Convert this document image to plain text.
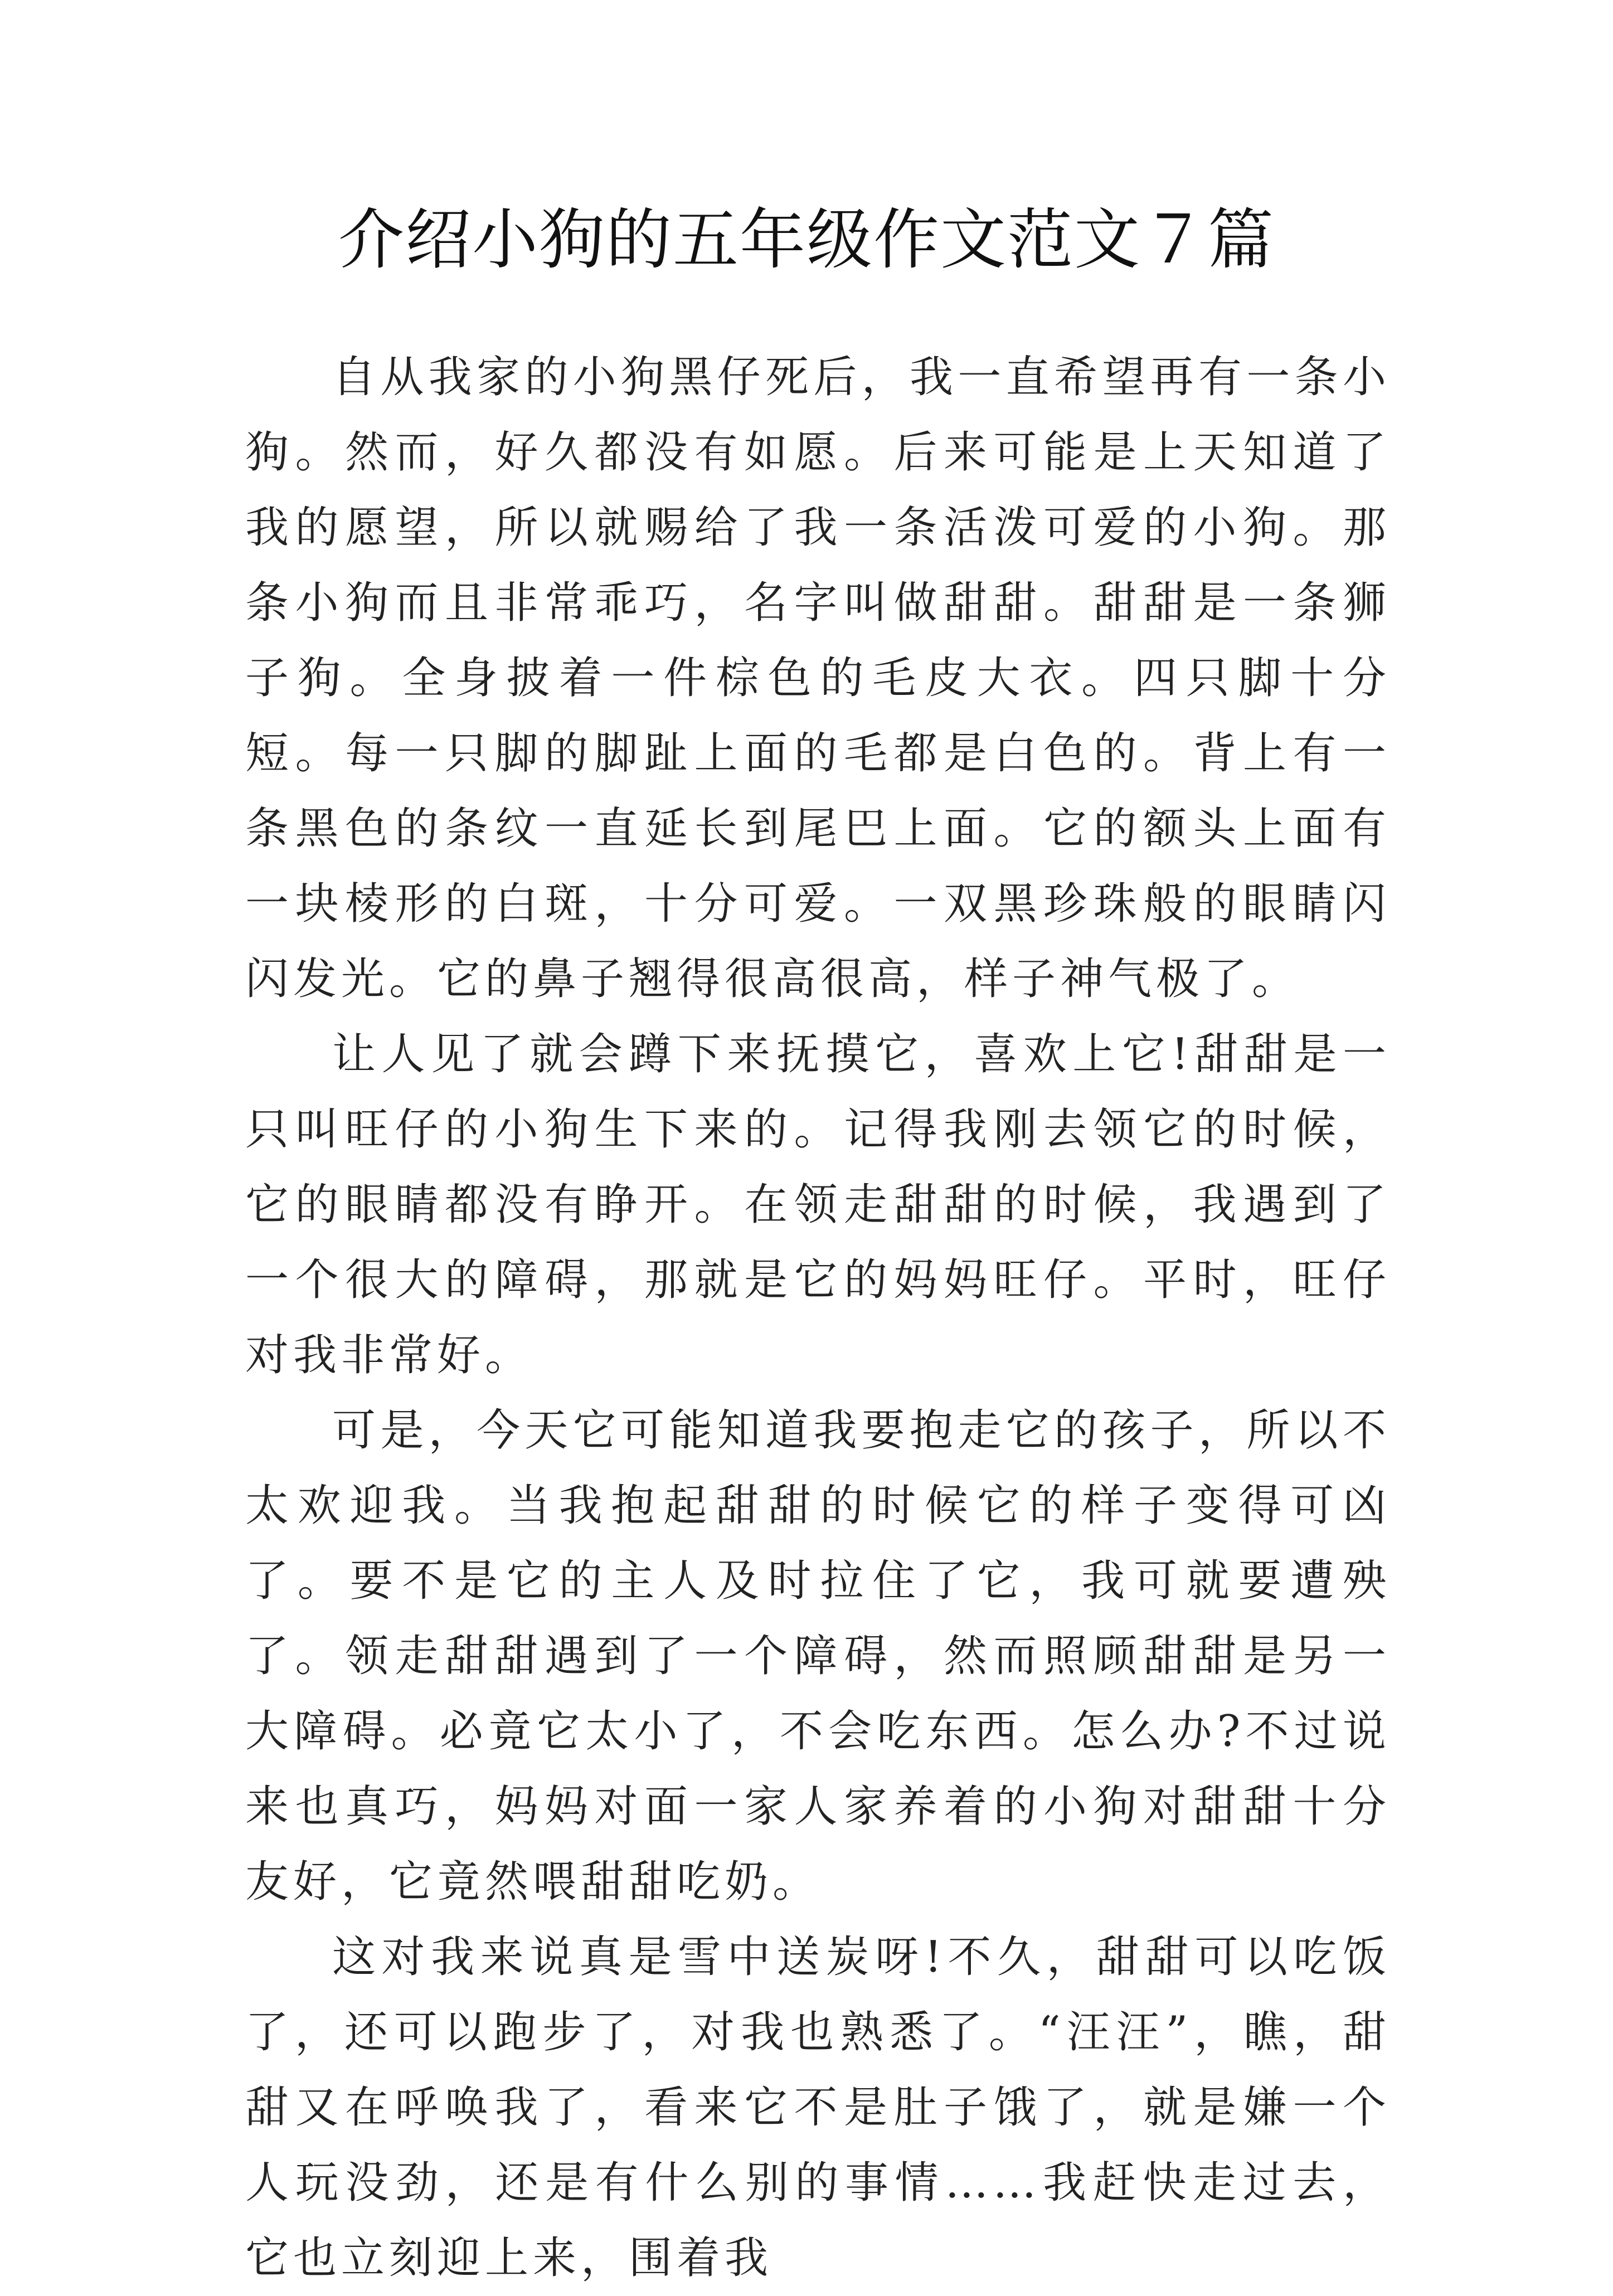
介绍小狗的五年级作文范文７篇

自从我家的小狗黑仔死后，我一直希望再有一条小狗。然而，好久都没有如愿。后来可能是上天知道了我的愿望，所以就赐给了我一条活泼可爱的小狗。那条小狗而且非常乖巧，名字叫做甜甜。甜甜是一条狮子狗。全身披着一件棕色的毛皮大衣。四只脚十分短。每一只脚的脚趾上面的毛都是白色的。背上有一条黑色的条纹一直延长到尾巴上面。它的额头上面有一块棱形的白斑，十分可爱。一双黑珍珠般的眼睛闪闪发光。它的鼻子翘得很高很高，样子神气极了。

让人见了就会蹲下来抚摸它，喜欢上它!甜甜是一只叫旺仔的小狗生下来的。记得我刚去领它的时候，它的眼睛都没有睁开。在领走甜甜的时候，我遇到了一个很大的障碍，那就是它的妈妈旺仔。平时，旺仔对我非常好。

可是，今天它可能知道我要抱走它的孩子，所以不太欢迎我。当我抱起甜甜的时候它的样子变得可凶了。要不是它的主人及时拉住了它，我可就要遭殃了。领走甜甜遇到了一个障碍，然而照顾甜甜是另一大障碍。必竟它太小了，不会吃东西。怎么办?不过说来也真巧，妈妈对面一家人家养着的小狗对甜甜十分友好，它竟然喂甜甜吃奶。

这对我来说真是雪中送炭呀!不久，甜甜可以吃饭了，还可以跑步了，对我也熟悉了。“汪汪”，瞧，甜甜又在呼唤我了，看来它不是肚子饿了，就是嫌一个人玩没劲，还是有什么别的事情……我赶快走过去，它也立刻迎上来，围着我
